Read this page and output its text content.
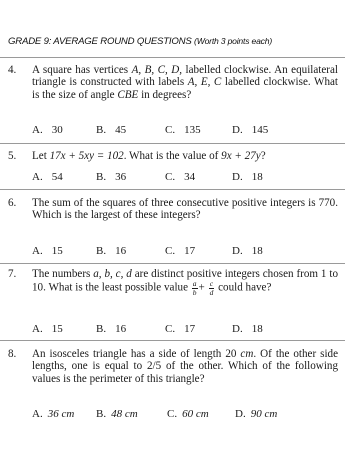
GRADE 9: AVERAGE ROUND QUESTIONS (Worth 3 points each)
4. A square has vertices A, B, C, D, labelled clockwise. An equilateral triangle is constructed with labels A, E, C labelled clockwise. What is the size of angle CBE in degrees?
A. 30	B. 45	C. 135	D. 145
5. Let 17x + 5xy = 102. What is the value of 9x + 27y?
A. 54	B. 36	C. 34	D. 18
6. The sum of the squares of three consecutive positive integers is 770. Which is the largest of these integers?
A. 15	B. 16	C. 17	D. 18
7. The numbers a, b, c, d are distinct positive integers chosen from 1 to 10. What is the least possible value $\frac{a}{b} + \frac{c}{d}$ could have?
A. 15	B. 16	C. 17	D. 18
8. An isosceles triangle has a side of length 20 cm. Of the other side lengths, one is equal to 2/5 of the other. Which of the following values is the perimeter of this triangle?
A. 36 cm B. 48 cm	C. 60 cm D. 90 cm
